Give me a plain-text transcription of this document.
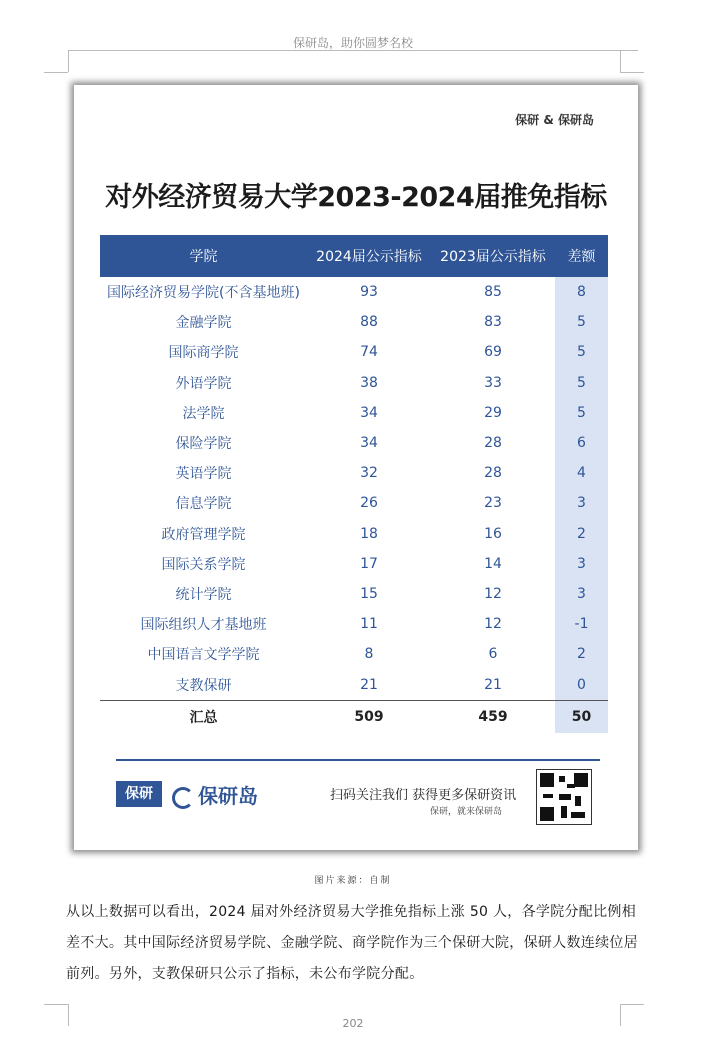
保研岛，助你圆梦名校
保研 & 保研岛
对外经济贸易大学2023-2024届推免指标
学院	2024届公示指标	2023届公示指标	差额
国际经济贸易学院(不含基地班)	93	85	8
金融学院	88	83	5
国际商学院	74	69	5
外语学院	38	33	5
法学院	34	29	5
保险学院	34	28	6
英语学院	32	28	4
信息学院	26	23	3
政府管理学院	18	16	2
国际关系学院	17	14	3
统计学院	15	12	3
国际组织人才基地班	11	12	-1
中国语言文学学院	8	6	2
支教保研	21	21	0
汇总	509	459	50
保研	保研岛	扫码关注我们 获得更多保研资讯
保研，就来保研岛
图片来源：自制
从以上数据可以看出，2024 届对外经济贸易大学推免指标上涨 50 人，各学院分配比例相差不大。其中国际经济贸易学院、金融学院、商学院作为三个保研大院，保研人数连续位居前列。另外，支教保研只公示了指标，未公布学院分配。
202
